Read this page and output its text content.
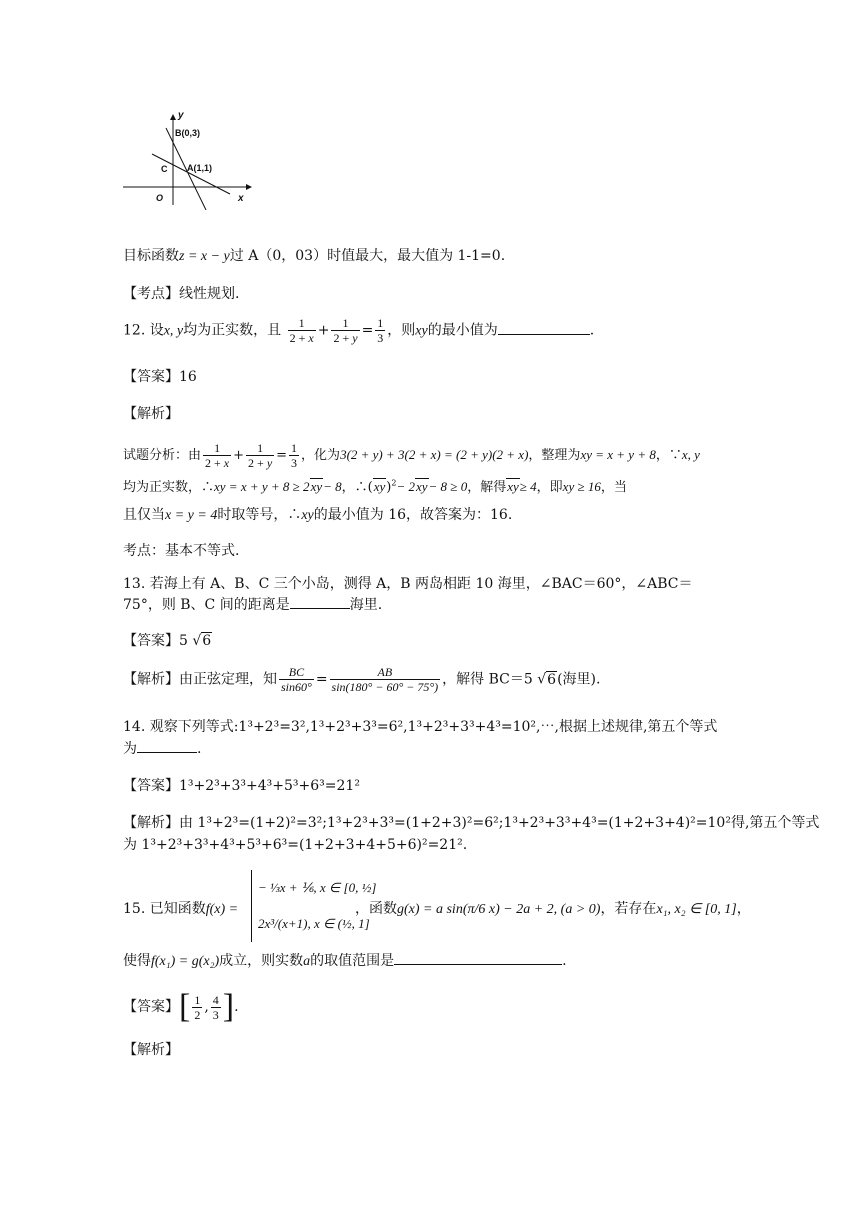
y
x
O
B(0,3)
A(1,1)
C
目标函数z = x − y过 A（0，03）时值最大，最大值为 1-1=0.
【考点】线性规划.
12. 设x, y均为正实数，且 $\frac{1}{2 + x} + \frac{1}{2 + y} = \frac{1}{3}$ ，则xy的最小值为	.
【答案】16
【解析】
试题分析：由 $\frac{1}{2 + x} + \frac{1}{2 + y} = \frac{1}{3}$ ，化为3(2 + y) + 3(2 + x) = (2 + y)(2 + x)，整理为xy = x + y + 8，∵x, y
均为正实数，∴xy = x + y + 8 ≥ 2xy− 8，∴(xy)$^2$− 2xy− 8 ≥ 0，解得xy≥ 4，即xy ≥ 16，当
且仅当x = y = 4时取等号，∴xy的最小值为 16，故答案为：16.
考点：基本不等式.
13. 若海上有 A、B、C 三个小岛，测得 A，B 两岛相距 10 海里，∠BAC＝60°，∠ABC＝
75°，则 B、C 间的距离是	海里.
【答案】5 √6
【解析】由正弦定理，知 $\frac{BC}{\sin 60^\circ} = \frac{AB}{\sin(180^\circ - 60^\circ - 75^\circ)}$ ，解得 BC＝5 √6(海里).
14. 观察下列等式:1³+2³=3²,1³+2³+3³=6²,1³+2³+3³+4³=10²,⋯,根据上述规律,第五个等式
为	.
【答案】1³+2³+3³+4³+5³+6³=21²
【解析】由 1³+2³=(1+2)²=3²;1³+2³+3³=(1+2+3)²=6²;1³+2³+3³+4³=(1+2+3+4)²=10²得,第五个等式
为 1³+2³+3³+4³+5³+6³=(1+2+3+4+5+6)²=21².
15. 已知函数f(x) =
− ⅓x + ⅙, x ∈ [0, ½]
2x³/(x+1), x ∈ (½, 1]
，函数g(x) = a sin(π/6 x) − 2a + 2, (a > 0)，若存在x₁, x₂ ∈ [0, 1]，
使得f(x₁) = g(x₂)成立，则实数a的取值范围是	.
【答案】[ $\frac{1}{2}$ , $\frac{4}{3}$ ].
【解析】
